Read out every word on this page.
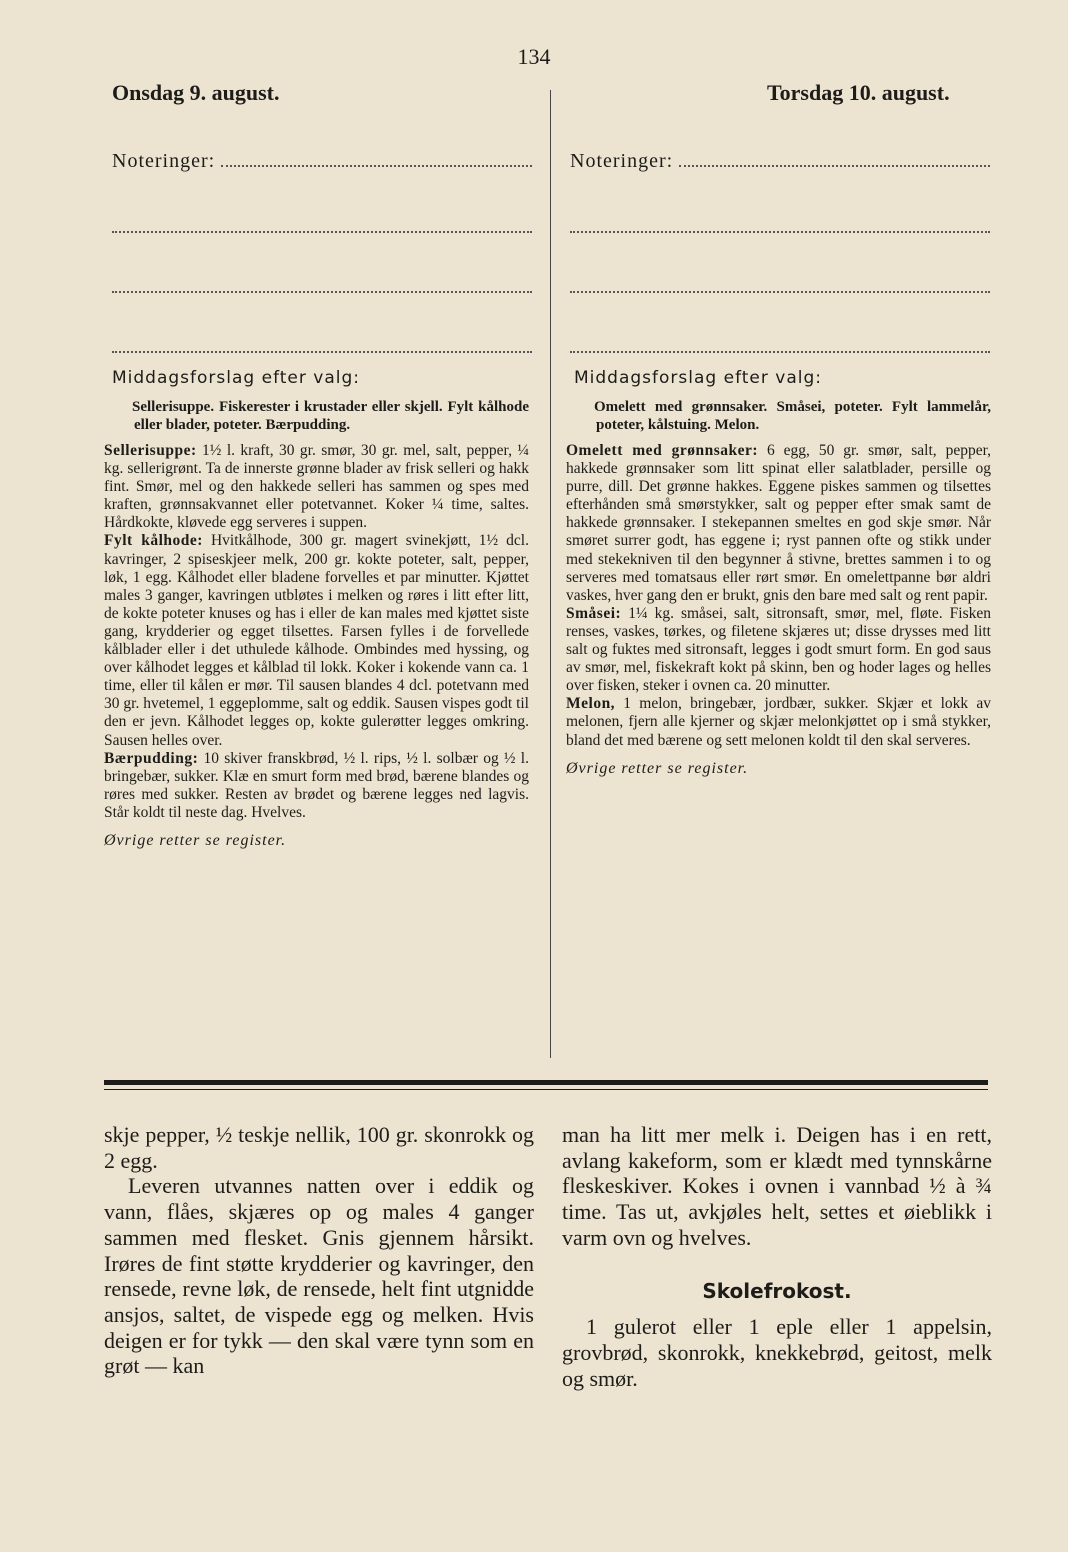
134
Onsdag 9. august.	Torsdag 10. august.
Noteringer:	Noteringer:
Middagsforslag efter valg:
Sellerisuppe. Fiskerester i krustader eller skjell. Fylt kålhode eller blader, poteter. Bærpudding.

Sellerisuppe: 1½ l. kraft, 30 gr. smør, 30 gr. mel, salt, pepper, ¼ kg. sellerigrønt. Ta de innerste grønne blader av frisk selleri og hakk fint. Smør, mel og den hakkede selleri has sammen og spes med kraften, grønnsakvannet eller potetvannet. Koker ¼ time, saltes. Hårdkokte, kløvede egg serveres i suppen.

Fylt kålhode: Hvitkålhode, 300 gr. magert svinekjøtt, 1½ dcl. kavringer, 2 spiseskjeer melk, 200 gr. kokte poteter, salt, pepper, løk, 1 egg. Kålhodet eller bladene forvelles et par minutter. Kjøttet males 3 ganger, kavringen utbløtes i melken og røres i litt efter litt, de kokte poteter knuses og has i eller de kan males med kjøttet siste gang, krydderier og egget tilsettes. Farsen fylles i de forvellede kålblader eller i det uthulede kålhode. Ombindes med hyssing, og over kålhodet legges et kålblad til lokk. Koker i kokende vann ca. 1 time, eller til kålen er mør. Til sausen blandes 4 dcl. potetvann med 30 gr. hvetemel, 1 eggeplomme, salt og eddik. Sausen vispes godt til den er jevn. Kålhodet legges op, kokte gulerøtter legges omkring. Sausen helles over.

Bærpudding: 10 skiver franskbrød, ½ l. rips, ½ l. solbær og ½ l. bringebær, sukker. Klæ en smurt form med brød, bærene blandes og røres med sukker. Resten av brødet og bærene legges ned lagvis. Står koldt til neste dag. Hvelves.

Øvrige retter se register.
Middagsforslag efter valg:
Omelett med grønnsaker. Småsei, poteter. Fylt lammelår, poteter, kålstuing. Melon.

Omelett med grønnsaker: 6 egg, 50 gr. smør, salt, pepper, hakkede grønnsaker som litt spinat eller salatblader, persille og purre, dill. Det grønne hakkes. Eggene piskes sammen og tilsettes efterhånden små smørstykker, salt og pepper efter smak samt de hakkede grønnsaker. I stekepannen smeltes en god skje smør. Når smøret surrer godt, has eggene i; ryst pannen ofte og stikk under med stekekniven til den begynner å stivne, brettes sammen i to og serveres med tomatsaus eller rørt smør. En omelettpanne bør aldri vaskes, hver gang den er brukt, gnis den bare med salt og rent papir.

Småsei: 1¼ kg. småsei, salt, sitronsaft, smør, mel, fløte. Fisken renses, vaskes, tørkes, og filetene skjæres ut; disse drysses med litt salt og fuktes med sitronsaft, legges i godt smurt form. En god saus av smør, mel, fiskekraft kokt på skinn, ben og hoder lages og helles over fisken, steker i ovnen ca. 20 minutter.

Melon, 1 melon, bringebær, jordbær, sukker. Skjær et lokk av melonen, fjern alle kjerner og skjær melonkjøttet op i små stykker, bland det med bærene og sett melonen koldt til den skal serveres.

Øvrige retter se register.

skje pepper, ½ teskje nellik, 100 gr. skonrokk og 2 egg.

Leveren utvannes natten over i eddik og vann, flåes, skjæres op og males 4 ganger sammen med flesket. Gnis gjennem hårsikt. Irøres de fint støtte krydderier og kavringer, den rensede, revne løk, de rensede, helt fint utgnidde ansjos, saltet, de vispede egg og melken. Hvis deigen er for tykk — den skal være tynn som en grøt — kan

man ha litt mer melk i. Deigen has i en rett, avlang kakeform, som er klædt med tynnskårne fleskeskiver. Kokes i ovnen i vannbad ½ à ¾ time. Tas ut, avkjøles helt, settes et øieblikk i varm ovn og hvelves.

Skolefrokost.

1 gulerot eller 1 eple eller 1 appelsin, grovbrød, skonrokk, knekkebrød, geitost, melk og smør.
